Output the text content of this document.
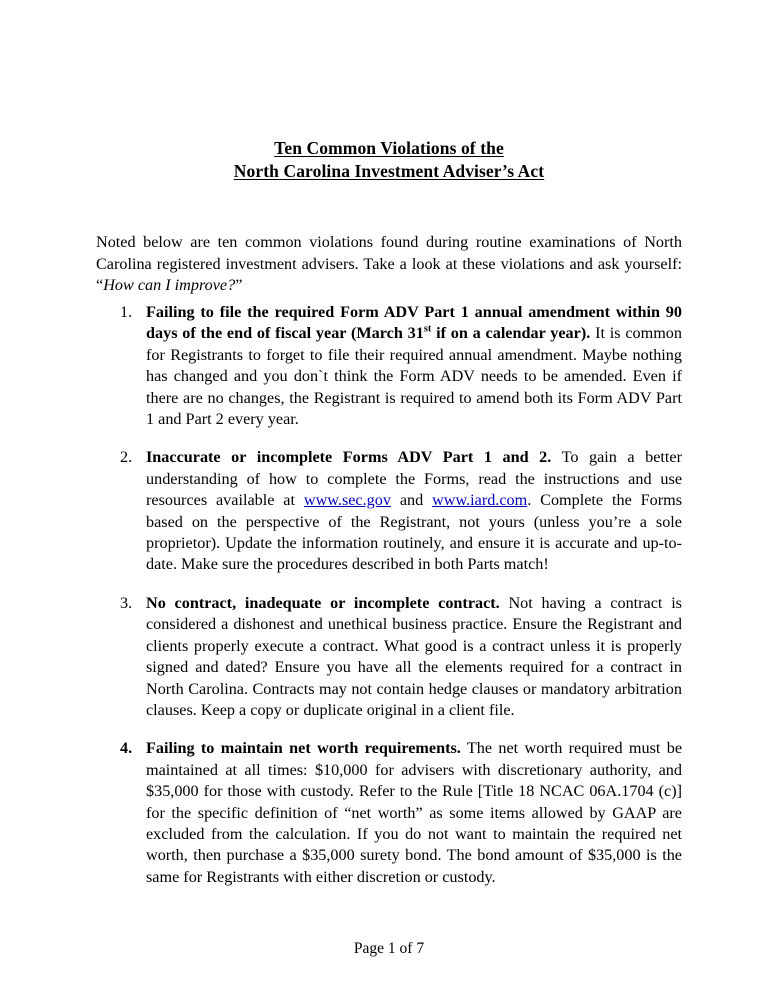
Ten Common Violations of the
North Carolina Investment Adviser’s Act

Noted below are ten common violations found during routine examinations of North Carolina registered investment advisers. Take a look at these violations and ask yourself: “How can I improve?”

1. Failing to file the required Form ADV Part 1 annual amendment within 90 days of the end of fiscal year (March 31st if on a calendar year). It is common for Registrants to forget to file their required annual amendment. Maybe nothing has changed and you don`t think the Form ADV needs to be amended. Even if there are no changes, the Registrant is required to amend both its Form ADV Part 1 and Part 2 every year.
2. Inaccurate or incomplete Forms ADV Part 1 and 2. To gain a better understanding of how to complete the Forms, read the instructions and use resources available at www.sec.gov and www.iard.com. Complete the Forms based on the perspective of the Registrant, not yours (unless you’re a sole proprietor). Update the information routinely, and ensure it is accurate and up-to-date. Make sure the procedures described in both Parts match!
3. No contract, inadequate or incomplete contract. Not having a contract is considered a dishonest and unethical business practice. Ensure the Registrant and clients properly execute a contract. What good is a contract unless it is properly signed and dated? Ensure you have all the elements required for a contract in North Carolina. Contracts may not contain hedge clauses or mandatory arbitration clauses. Keep a copy or duplicate original in a client file.
4. Failing to maintain net worth requirements. The net worth required must be maintained at all times: $10,000 for advisers with discretionary authority, and $35,000 for those with custody. Refer to the Rule [Title 18 NCAC 06A.1704 (c)] for the specific definition of “net worth” as some items allowed by GAAP are excluded from the calculation. If you do not want to maintain the required net worth, then purchase a $35,000 surety bond. The bond amount of $35,000 is the same for Registrants with either discretion or custody.
Page 1 of 7
